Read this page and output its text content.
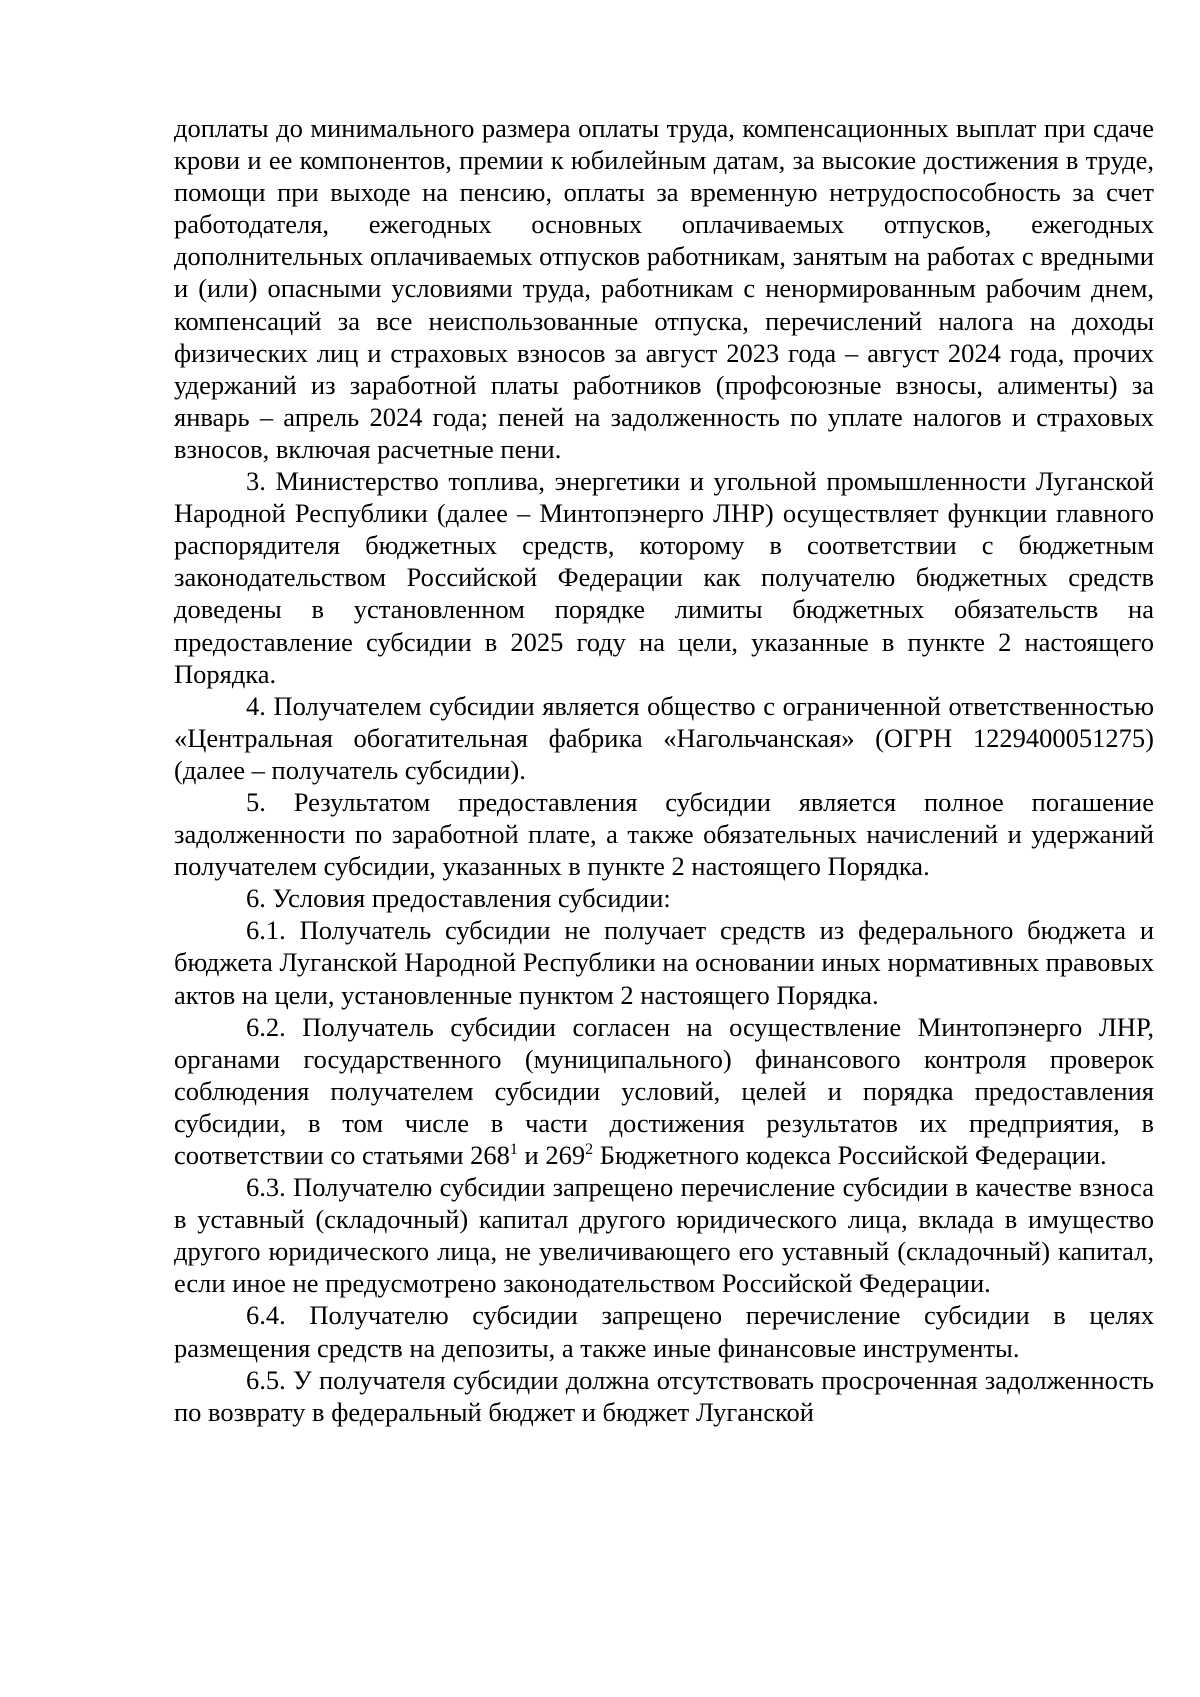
доплаты до минимального размера оплаты труда, компенсационных выплат при сдаче крови и ее компонентов, премии к юбилейным датам, за высокие достижения в труде, помощи при выходе на пенсию, оплаты за временную нетрудоспособность за счет работодателя, ежегодных основных оплачиваемых отпусков, ежегодных дополнительных оплачиваемых отпусков работникам, занятым на работах с вредными и (или) опасными условиями труда, работникам с ненормированным рабочим днем, компенсаций за все неиспользованные отпуска, перечислений налога на доходы физических лиц и страховых взносов за август 2023 года – август 2024 года, прочих удержаний из заработной платы работников (профсоюзные взносы, алименты) за январь – апрель 2024 года; пеней на задолженность по уплате налогов и страховых взносов, включая расчетные пени.

3. Министерство топлива, энергетики и угольной промышленности Луганской Народной Республики (далее – Минтопэнерго ЛНР) осуществляет функции главного распорядителя бюджетных средств, которому в соответствии с бюджетным законодательством Российской Федерации как получателю бюджетных средств доведены в установленном порядке лимиты бюджетных обязательств на предоставление субсидии в 2025 году на цели, указанные в пункте 2 настоящего Порядка.

4. Получателем субсидии является общество с ограниченной ответственностью «Центральная обогатительная фабрика «Нагольчанская» (ОГРН 1229400051275) (далее – получатель субсидии).

5. Результатом предоставления субсидии является полное погашение задолженности по заработной плате, а также обязательных начислений и удержаний получателем субсидии, указанных в пункте 2 настоящего Порядка.

6. Условия предоставления субсидии:

6.1. Получатель субсидии не получает средств из федерального бюджета и бюджета Луганской Народной Республики на основании иных нормативных правовых актов на цели, установленные пунктом 2 настоящего Порядка.

6.2. Получатель субсидии согласен на осуществление Минтопэнерго ЛНР, органами государственного (муниципального) финансового контроля проверок соблюдения получателем субсидии условий, целей и порядка предоставления субсидии, в том числе в части достижения результатов их предприятия, в соответствии со статьями $268^1$ и $269^2$ Бюджетного кодекса Российской Федерации.

6.3. Получателю субсидии запрещено перечисление субсидии в качестве взноса в уставный (складочный) капитал другого юридического лица, вклада в имущество другого юридического лица, не увеличивающего его уставный (складочный) капитал, если иное не предусмотрено законодательством Российской Федерации.

6.4. Получателю субсидии запрещено перечисление субсидии в целях размещения средств на депозиты, а также иные финансовые инструменты.

6.5. У получателя субсидии должна отсутствовать просроченная задолженность по возврату в федеральный бюджет и бюджет Луганской
